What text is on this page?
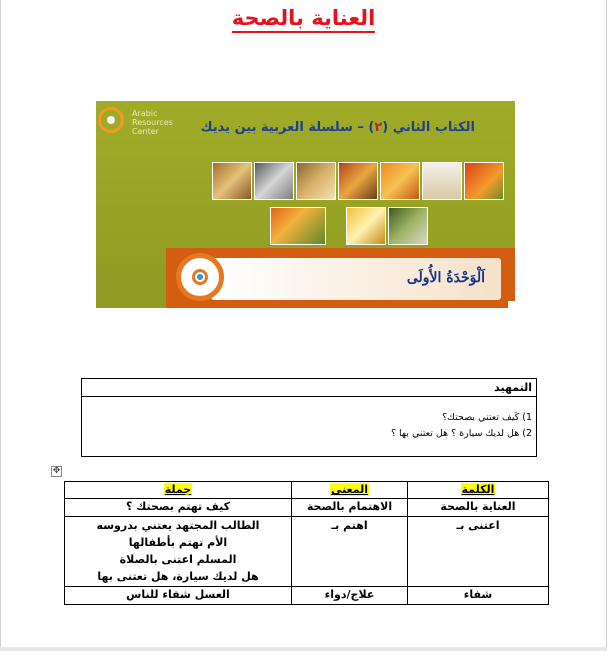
العناية بالصحة
Arabic
Resources
Center	الكتاب الثاني (٢) – سلسلة العربية بين يديك
اَلْوَحْدَةُ الأُولَى
التمهيد
1) كَيف تعتني بصحتك؟
2) هل لديك سيارة ؟ هل تعتني بها ؟
✥
الكلمة	المعنى	جملة
العناية بالصحة	الاهتمام بالصحة	كيف تهتم بصحتك ؟
اعتنى بـ	اهتم بـ	الطالب المجتهد يعتني بدروسه
الأم تهتم بأطفالها
المسلم اعتنى بالصلاة
هل لديك سيارة، هل تعتنى بها

شفاء	علاج/دواء	العسل شفاء للناس
